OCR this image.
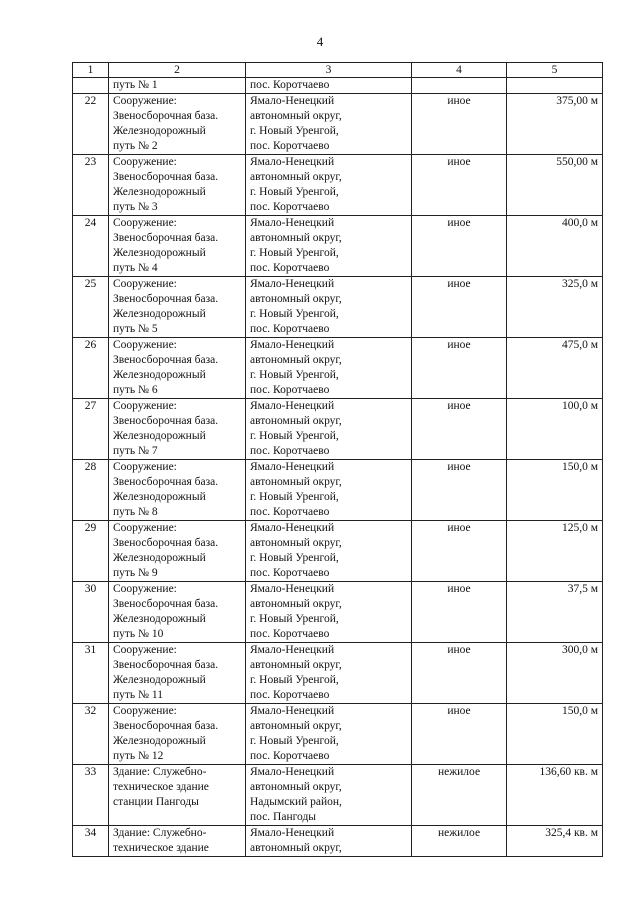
4
1	2	3	4	5
	путь № 1	пос. Коротчаево		
22	Сооружение:
Звеносборочная база.
Железнодорожный
путь № 2	Ямало-Ненецкий
автономный округ,
г. Новый Уренгой,
пос. Коротчаево	иное	375,00 м
23	Сооружение:
Звеносборочная база.
Железнодорожный
путь № 3	Ямало-Ненецкий
автономный округ,
г. Новый Уренгой,
пос. Коротчаево	иное	550,00 м
24	Сооружение:
Звеносборочная база.
Железнодорожный
путь № 4	Ямало-Ненецкий
автономный округ,
г. Новый Уренгой,
пос. Коротчаево	иное	400,0 м
25	Сооружение:
Звеносборочная база.
Железнодорожный
путь № 5	Ямало-Ненецкий
автономный округ,
г. Новый Уренгой,
пос. Коротчаево	иное	325,0 м
26	Сооружение:
Звеносборочная база.
Железнодорожный
путь № 6	Ямало-Ненецкий
автономный округ,
г. Новый Уренгой,
пос. Коротчаево	иное	475,0 м
27	Сооружение:
Звеносборочная база.
Железнодорожный
путь № 7	Ямало-Ненецкий
автономный округ,
г. Новый Уренгой,
пос. Коротчаево	иное	100,0 м
28	Сооружение:
Звеносборочная база.
Железнодорожный
путь № 8	Ямало-Ненецкий
автономный округ,
г. Новый Уренгой,
пос. Коротчаево	иное	150,0 м
29	Сооружение:
Звеносборочная база.
Железнодорожный
путь № 9	Ямало-Ненецкий
автономный округ,
г. Новый Уренгой,
пос. Коротчаево	иное	125,0 м
30	Сооружение:
Звеносборочная база.
Железнодорожный
путь № 10	Ямало-Ненецкий
автономный округ,
г. Новый Уренгой,
пос. Коротчаево	иное	37,5 м
31	Сооружение:
Звеносборочная база.
Железнодорожный
путь № 11	Ямало-Ненецкий
автономный округ,
г. Новый Уренгой,
пос. Коротчаево	иное	300,0 м
32	Сооружение:
Звеносборочная база.
Железнодорожный
путь № 12	Ямало-Ненецкий
автономный округ,
г. Новый Уренгой,
пос. Коротчаево	иное	150,0 м
33	Здание: Служебно-
техническое здание
станции Пангоды	Ямало-Ненецкий
автономный округ,
Надымский район,
пос. Пангоды	нежилое	136,60 кв. м
34	Здание: Служебно-
техническое здание	Ямало-Ненецкий
автономный округ,	нежилое	325,4 кв. м
